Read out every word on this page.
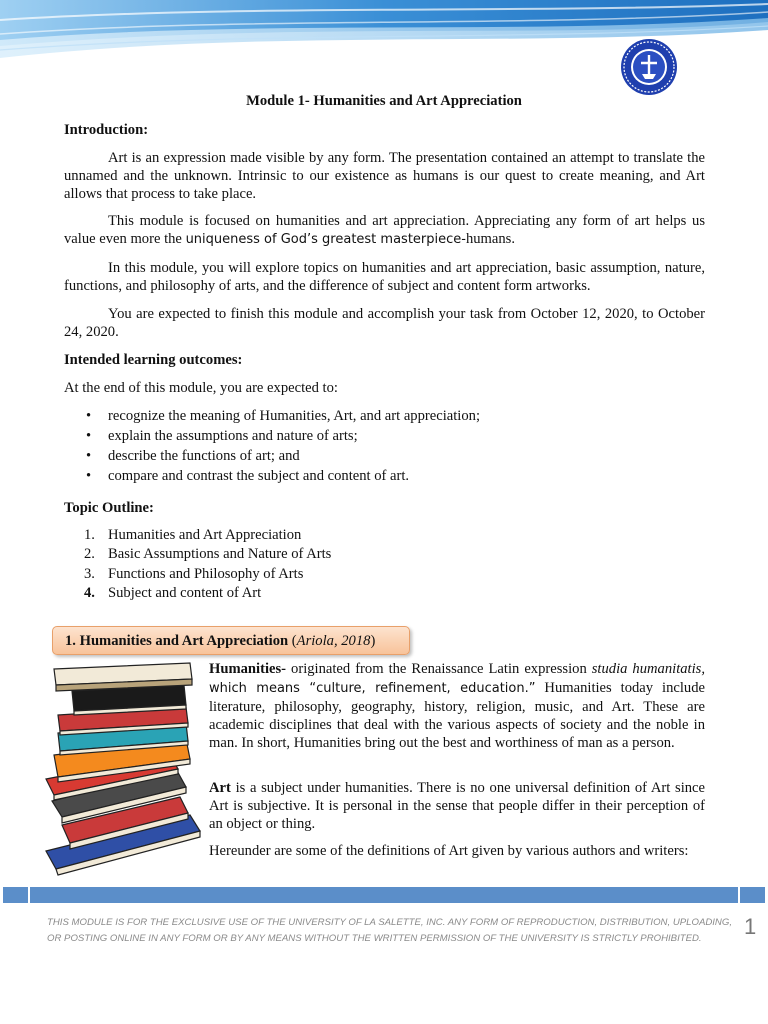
Module 1- Humanities and Art Appreciation
Introduction:

Art is an expression made visible by any form. The presentation contained an attempt to translate the unnamed and the unknown. Intrinsic to our existence as humans is our quest to create meaning, and Art allows that process to take place.

This module is focused on humanities and art appreciation. Appreciating any form of art helps us value even more the uniqueness of God’s greatest masterpiece-humans.

In this module, you will explore topics on humanities and art appreciation, basic assumption, nature, functions, and philosophy of arts, and the difference of subject and content form artworks.

You are expected to finish this module and accomplish your task from October 12, 2020, to October 24, 2020.

Intended learning outcomes:
At the end of this module, you are expected to:
• recognize the meaning of Humanities, Art, and art appreciation;
• explain the assumptions and nature of arts;
• describe the functions of art; and
• compare and contrast the subject and content of art.
Topic Outline:
1. Humanities and Art Appreciation
2. Basic Assumptions and Nature of Arts
3. Functions and Philosophy of Arts
4. Subject and content of Art
1. Humanities and Art Appreciation (Ariola, 2018)

Humanities- originated from the Renaissance Latin expression studia humanitatis, which means “culture, refinement, education.” Humanities today include literature, philosophy, geography, history, religion, music, and Art. These are academic disciplines that deal with the various aspects of society and the noble in man. In short, Humanities bring out the best and worthiness of man as a person.

Art is a subject under humanities. There is no one universal definition of Art since Art is subjective. It is personal in the sense that people differ in their perception of an object or thing.

Hereunder are some of the definitions of Art given by various authors and writers:

THIS MODULE IS FOR THE EXCLUSIVE USE OF THE UNIVERSITY OF LA SALETTE, INC. ANY FORM OF REPRODUCTION, DISTRIBUTION, UPLOADING, OR POSTING ONLINE IN ANY FORM OR BY ANY MEANS WITHOUT THE WRITTEN PERMISSION OF THE UNIVERSITY IS STRICTLY PROHIBITED.	1
